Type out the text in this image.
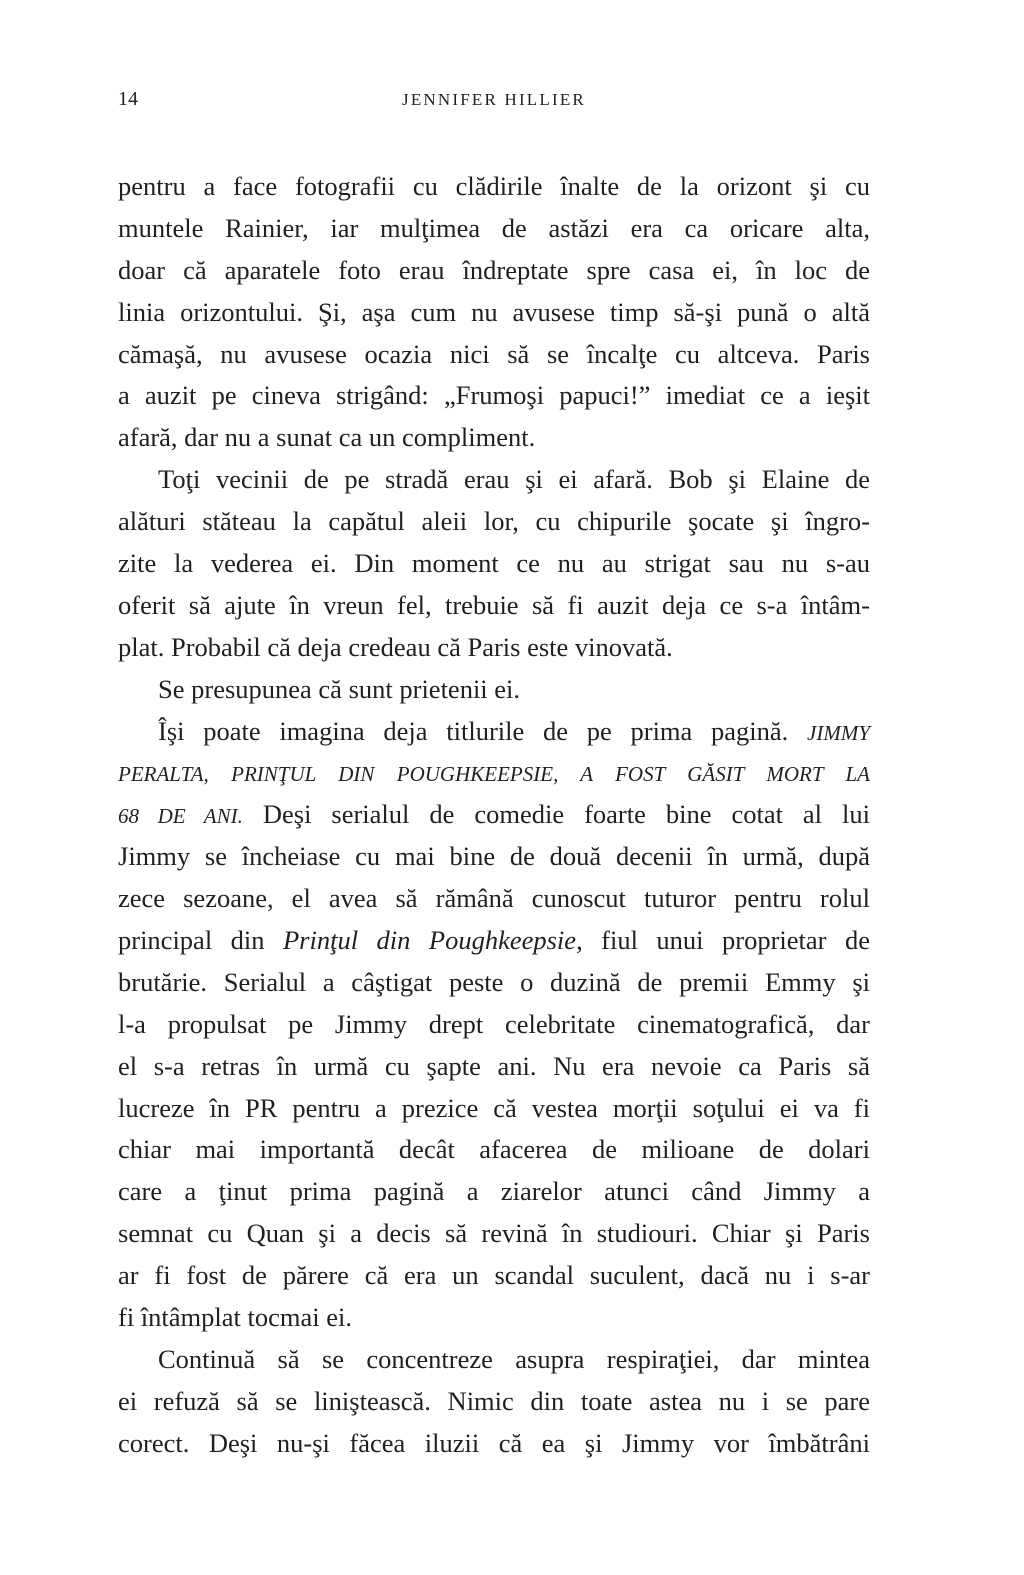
14	JENNIFER HILLIER
pentru a face fotografii cu clădirile înalte de la orizont şi cu
muntele Rainier, iar mulţimea de astăzi era ca oricare alta,
doar că aparatele foto erau îndreptate spre casa ei, în loc de
linia orizontului. Şi, aşa cum nu avusese timp să-şi pună o altă
cămaşă, nu avusese ocazia nici să se încalţe cu altceva. Paris
a auzit pe cineva strigând: „Frumoşi papuci!” imediat ce a ieşit
afară, dar nu a sunat ca un compliment.
Toţi vecinii de pe stradă erau şi ei afară. Bob şi Elaine de
alături stăteau la capătul aleii lor, cu chipurile şocate şi îngro-
zite la vederea ei. Din moment ce nu au strigat sau nu s-au
oferit să ajute în vreun fel, trebuie să fi auzit deja ce s-a întâm-
plat. Probabil că deja credeau că Paris este vinovată.
Se presupunea că sunt prietenii ei.
Îşi poate imagina deja titlurile de pe prima pagină. JIMMY
PERALTA, PRINŢUL DIN POUGHKEEPSIE, A FOST GĂSIT MORT LA
68 DE ANI. Deşi serialul de comedie foarte bine cotat al lui
Jimmy se încheiase cu mai bine de două decenii în urmă, după
zece sezoane, el avea să rămână cunoscut tuturor pentru rolul
principal din Prinţul din Poughkeepsie, fiul unui proprietar de
brutărie. Serialul a câştigat peste o duzină de premii Emmy şi
l-a propulsat pe Jimmy drept celebritate cinematografică, dar
el s-a retras în urmă cu şapte ani. Nu era nevoie ca Paris să
lucreze în PR pentru a prezice că vestea morţii soţului ei va fi
chiar mai importantă decât afacerea de milioane de dolari
care a ţinut prima pagină a ziarelor atunci când Jimmy a
semnat cu Quan şi a decis să revină în studiouri. Chiar şi Paris
ar fi fost de părere că era un scandal suculent, dacă nu i s-ar
fi întâmplat tocmai ei.
Continuă să se concentreze asupra respiraţiei, dar mintea
ei refuză să se liniştească. Nimic din toate astea nu i se pare
corect. Deşi nu-şi făcea iluzii că ea şi Jimmy vor îmbătrâni
